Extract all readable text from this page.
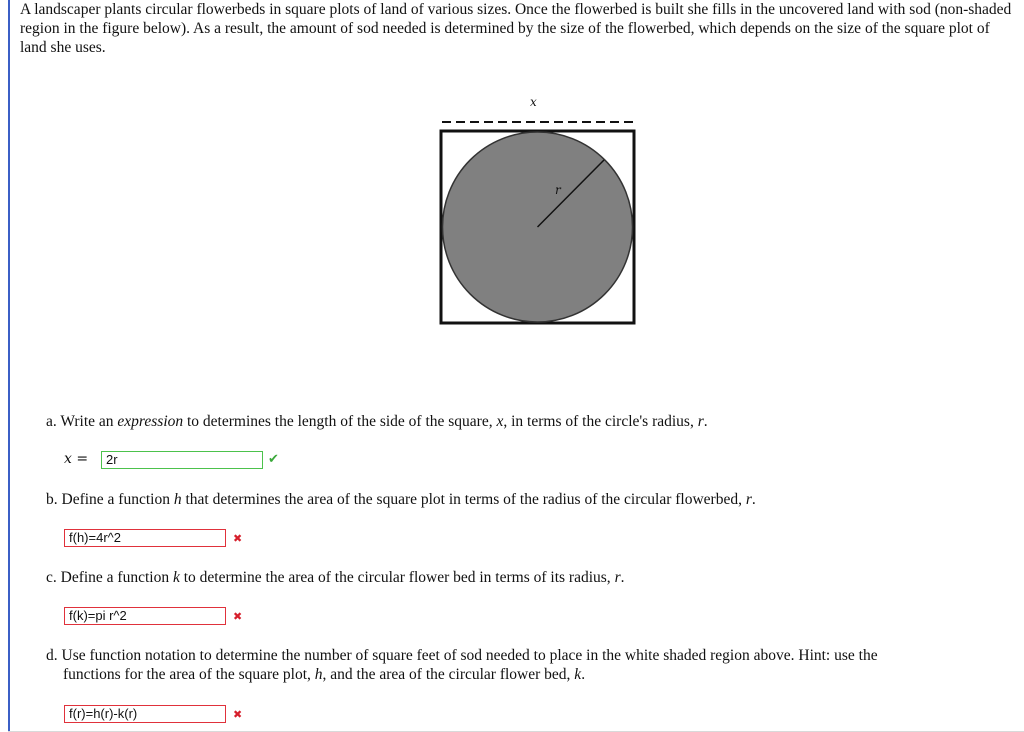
A landscaper plants circular flowerbeds in square plots of land of various sizes. Once the flowerbed is built she fills in the uncovered land with sod (non-shaded region in the figure below). As a result, the amount of sod needed is determined by the size of the flowerbed, which depends on the size of the square plot of land she uses.
x
r
a. Write an expression to determines the length of the side of the square, x, in terms of the circle's radius, r.
x =	2r	✔
b. Define a function h that determines the area of the square plot in terms of the radius of the circular flowerbed, r.
f(h)=4r^2	✖
c. Define a function k to determine the area of the circular flower bed in terms of its radius, r.
f(k)=pi r^2	✖
d. Use function notation to determine the number of square feet of sod needed to place in the white shaded region above. Hint: use the
functions for the area of the square plot, h, and the area of the circular flower bed, k.
f(r)=h(r)-k(r)	✖
